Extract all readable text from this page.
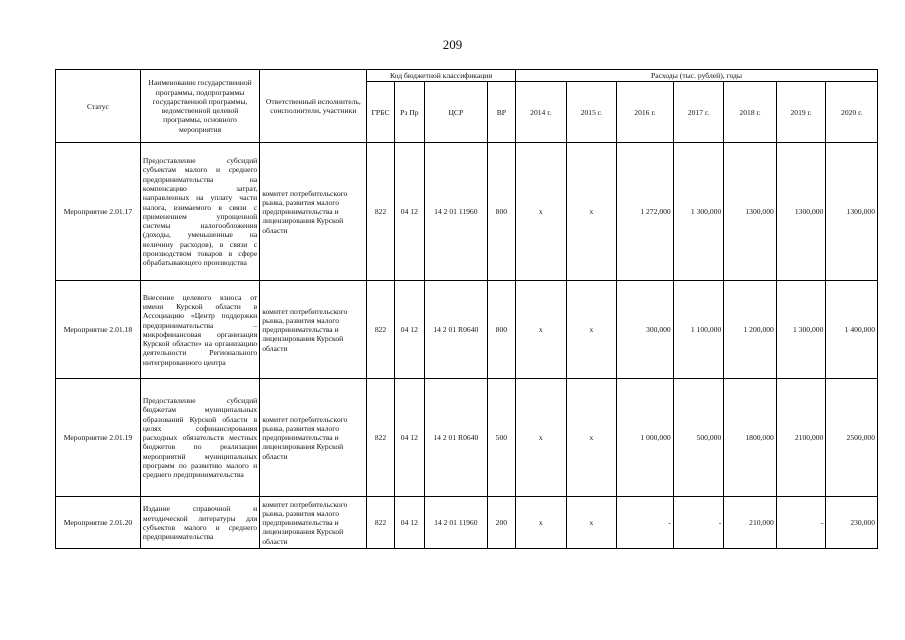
209
Статус	Наименование государственной программы, подпрограммы государственной программы, ведомственной целевой программы, основного мероприятия	Ответственный исполнитель, соисполнители, участники	Код бюджетной классификации				Расходы (тыс. рублей), годы						
			ГРБС	Рз Пр	ЦСР	ВР	2014 г.	2015 г.	2016 г.	2017 г.	2018 г.	2019 г.	2020 г.
Мероприятие 2.01.17	Предоставление субсидий субъектам малого и среднего предпринимательства на компенсацию затрат, направленных на уплату части налога, взимаемого в связи с применением упрощенной системы налогообложения (доходы, уменьшенные на величину расходов), в связи с производством товаров в сфере обрабатывающего производства	комитет потребительского рынка, развития малого предпринимательства и лицензирования Курской области	822	04 12	14 2 01 11960	800	x	x	1 272,000	1 300,000	1300,000	1300,000	1300,000
Мероприятие 2.01.18	Внесение целевого взноса от имени Курской области в Ассоциацию «Центр поддержки предпринимательства – микрофинансовая организация Курской области» на организацию деятельности Регионального интегрированного центра	комитет потребительского рынка, развития малого предпринимательства и лицензирования Курской области	822	04 12	14 2 01 R0640	800	x	x	300,000	1 100,000	1 200,000	1 300,000	1 400,000
Мероприятие 2.01.19	Предоставление субсидий бюджетам муниципальных образований Курской области в целях софинансирования расходных обязательств местных бюджетов по реализации мероприятий муниципальных программ по развитию малого и среднего предпринимательства	комитет потребительского рынка, развития малого предпринимательства и лицензирования Курской области	822	04 12	14 2 01 R0640	500	x	x	1 000,000	500,000	1800,000	2100,000	2500,000
Мероприятие 2.01.20	Издание справочной и методической литературы для субъектов малого и среднего предпринимательства	комитет потребительского рынка, развития малого предпринимательства и лицензирования Курской области	822	04 12	14 2 01 11960	200	x	x	-	-	210,000	-	230,000
